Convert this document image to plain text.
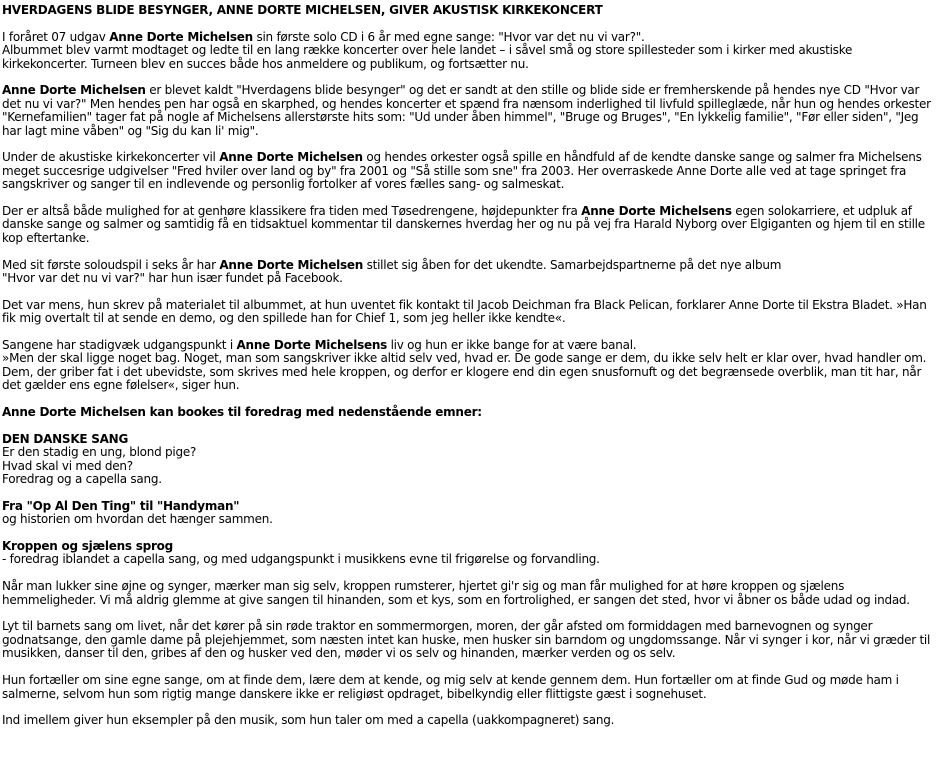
HVERDAGENS BLIDE BESYNGER, ANNE DORTE MICHELSEN, GIVER AKUSTISK KIRKEKONCERT

I foråret 07 udgav Anne Dorte Michelsen sin første solo CD i 6 år med egne sange: "Hvor var det nu vi var?".
Albummet blev varmt modtaget og ledte til en lang række koncerter over hele landet – i såvel små og store spillesteder som i kirker med akustiske kirkekoncerter. Turneen blev en succes både hos anmeldere og publikum, og fortsætter nu.

Anne Dorte Michelsen er blevet kaldt "Hverdagens blide besynger" og det er sandt at den stille og blide side er fremherskende på hendes nye CD "Hvor var det nu vi var?" Men hendes pen har også en skarphed, og hendes koncerter et spænd fra nænsom inderlighed til livfuld spilleglæde, når hun og hendes orkester "Kernefamilien" tager fat på nogle af Michelsens allerstørste hits som: "Ud under åben himmel", "Bruge og Bruges", "En lykkelig familie", "Før eller siden", "Jeg har lagt mine våben" og "Sig du kan li' mig".

Under de akustiske kirkekoncerter vil Anne Dorte Michelsen og hendes orkester også spille en håndfuld af de kendte danske sange og salmer fra Michelsens meget succesrige udgivelser "Fred hviler over land og by" fra 2001 og "Så stille som sne" fra 2003. Her overraskede Anne Dorte alle ved at tage springet fra sangskriver og sanger til en indlevende og personlig fortolker af vores fælles sang- og salmeskat.

Der er altså både mulighed for at genhøre klassikere fra tiden med Tøsedrengene, højdepunkter fra Anne Dorte Michelsens egen solokarriere, et udpluk af danske sange og salmer og samtidig få en tidsaktuel kommentar til danskernes hverdag her og nu på vej fra Harald Nyborg over Elgiganten og hjem til en stille kop eftertanke.

Med sit første soloudspil i seks år har Anne Dorte Michelsen stillet sig åben for det ukendte. Samarbejdspartnerne på det nye album
"Hvor var det nu vi var?" har hun især fundet på Facebook.

Det var mens, hun skrev på materialet til albummet, at hun uventet fik kontakt til Jacob Deichman fra Black Pelican, forklarer Anne Dorte til Ekstra Bladet. »Han fik mig overtalt til at sende en demo, og den spillede han for Chief 1, som jeg heller ikke kendte«.

Sangene har stadigvæk udgangspunkt i Anne Dorte Michelsens liv og hun er ikke bange for at være banal.
»Men der skal ligge noget bag. Noget, man som sangskriver ikke altid selv ved, hvad er. De gode sange er dem, du ikke selv helt er klar over, hvad handler om. Dem, der griber fat i det ubevidste, som skrives med hele kroppen, og derfor er klogere end din egen snusfornuft og det begrænsede overblik, man tit har, når det gælder ens egne følelser«, siger hun.

Anne Dorte Michelsen kan bookes til foredrag med nedenstående emner:

DEN DANSKE SANG
Er den stadig en ung, blond pige?
Hvad skal vi med den?
Foredrag og a capella sang.

Fra "Op Al Den Ting" til "Handyman"
og historien om hvordan det hænger sammen.

Kroppen og sjælens sprog
- foredrag iblandet a capella sang, og med udgangspunkt i musikkens evne til frigørelse og forvandling.

Når man lukker sine øjne og synger, mærker man sig selv, kroppen rumsterer, hjertet gi'r sig og man får mulighed for at høre kroppen og sjælens hemmeligheder. Vi må aldrig glemme at give sangen til hinanden, som et kys, som en fortrolighed, er sangen det sted, hvor vi åbner os både udad og indad.

Lyt til barnets sang om livet, når det kører på sin røde traktor en sommermorgen, moren, der går afsted om formiddagen med barnevognen og synger godnatsange, den gamle dame på plejehjemmet, som næsten intet kan huske, men husker sin barndom og ungdomssange. Når vi synger i kor, når vi græder til musikken, danser til den, gribes af den og husker ved den, møder vi os selv og hinanden, mærker verden og os selv.

Hun fortæller om sine egne sange, om at finde dem, lære dem at kende, og mig selv at kende gennem dem. Hun fortæller om at finde Gud og møde ham i salmerne, selvom hun som rigtig mange danskere ikke er religiøst opdraget, bibelkyndig eller flittigste gæst i sognehuset.

Ind imellem giver hun eksempler på den musik, som hun taler om med a capella (uakkompagneret) sang.
